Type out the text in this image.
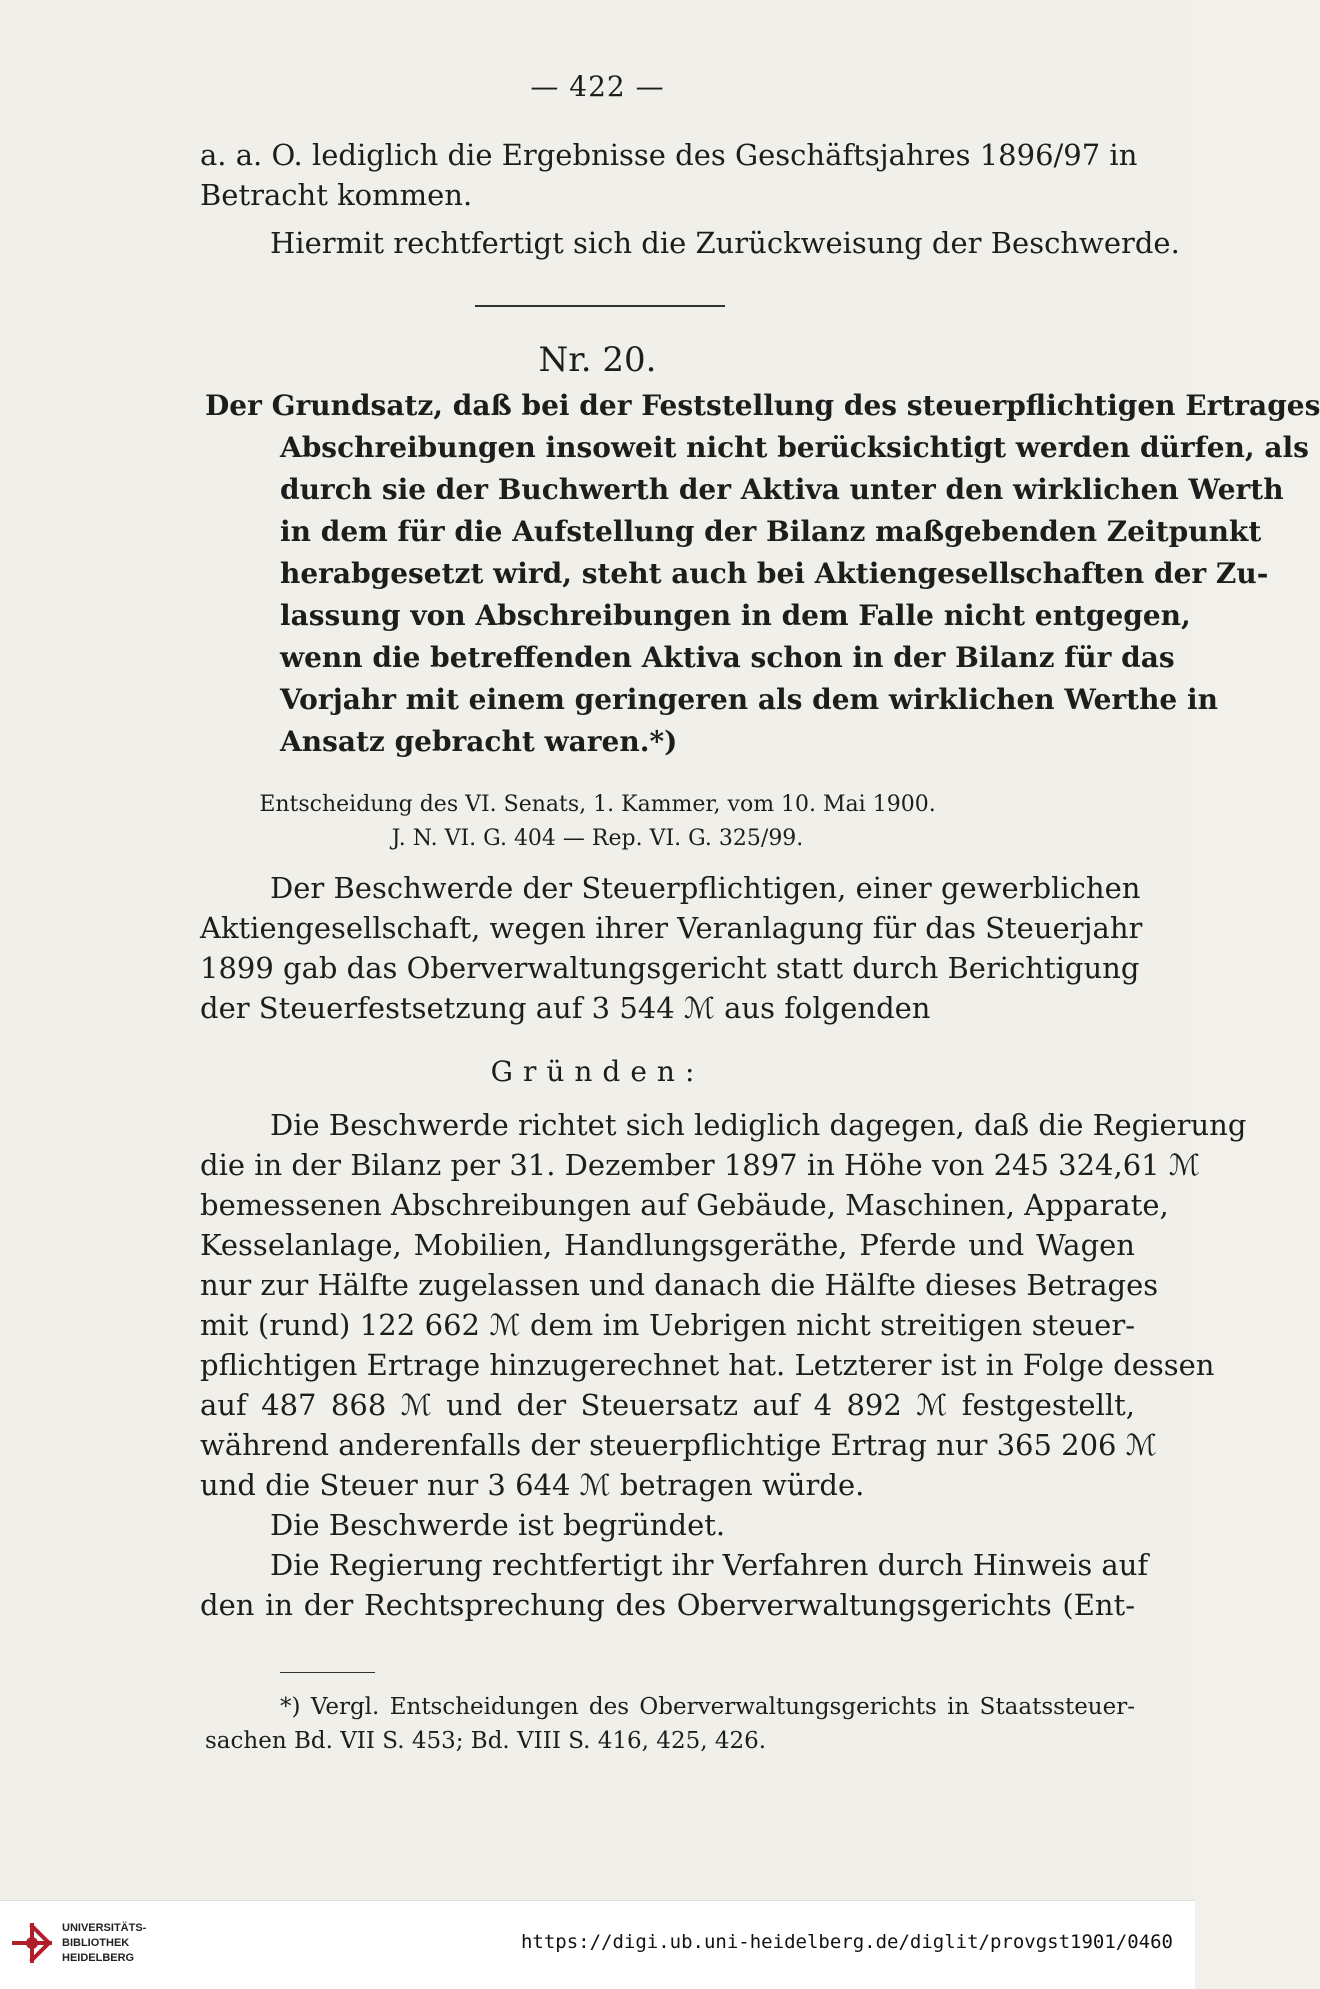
— 422 —
a. a. O. lediglich die Ergebnisse des Geschäftsjahres 1896/97 in
Betracht kommen.
Hiermit rechtfertigt sich die Zurückweisung der Beschwerde.
Nr. 20.
Der Grundsatz, daß bei der Feststellung des steuerpflichtigen Ertrages
Abschreibungen insoweit nicht berücksichtigt werden dürfen, als
durch sie der Buchwerth der Aktiva unter den wirklichen Werth
in dem für die Aufstellung der Bilanz maßgebenden Zeitpunkt
herabgesetzt wird, steht auch bei Aktiengesellschaften der Zu-
lassung von Abschreibungen in dem Falle nicht entgegen,
wenn die betreffenden Aktiva schon in der Bilanz für das
Vorjahr mit einem geringeren als dem wirklichen Werthe in
Ansatz gebracht waren.*)
Entscheidung des VI. Senats, 1. Kammer, vom 10. Mai 1900.
J. N. VI. G. 404 — Rep. VI. G. 325/99.
Der Beschwerde der Steuerpflichtigen, einer gewerblichen
Aktiengesellschaft, wegen ihrer Veranlagung für das Steuerjahr
1899 gab das Oberverwaltungsgericht statt durch Berichtigung
der Steuerfestsetzung auf 3 544 ℳ aus folgenden
Gründen:
Die Beschwerde richtet sich lediglich dagegen, daß die Regierung
die in der Bilanz per 31. Dezember 1897 in Höhe von 245 324,61 ℳ
bemessenen Abschreibungen auf Gebäude, Maschinen, Apparate,
Kesselanlage, Mobilien, Handlungsgeräthe, Pferde und Wagen
nur zur Hälfte zugelassen und danach die Hälfte dieses Betrages
mit (rund) 122 662 ℳ dem im Uebrigen nicht streitigen steuer-
pflichtigen Ertrage hinzugerechnet hat. Letzterer ist in Folge dessen
auf 487 868 ℳ und der Steuersatz auf 4 892 ℳ festgestellt,
während anderenfalls der steuerpflichtige Ertrag nur 365 206 ℳ
und die Steuer nur 3 644 ℳ betragen würde.
Die Beschwerde ist begründet.
Die Regierung rechtfertigt ihr Verfahren durch Hinweis auf
den in der Rechtsprechung des Oberverwaltungsgerichts (Ent-
*) Vergl. Entscheidungen des Oberverwaltungsgerichts in Staatssteuer-
sachen Bd. VII S. 453; Bd. VIII S. 416, 425, 426.
UNIVERSITÄTS-
BIBLIOTHEK
HEIDELBERG
https://digi.ub.uni-heidelberg.de/diglit/provgst1901/0460
